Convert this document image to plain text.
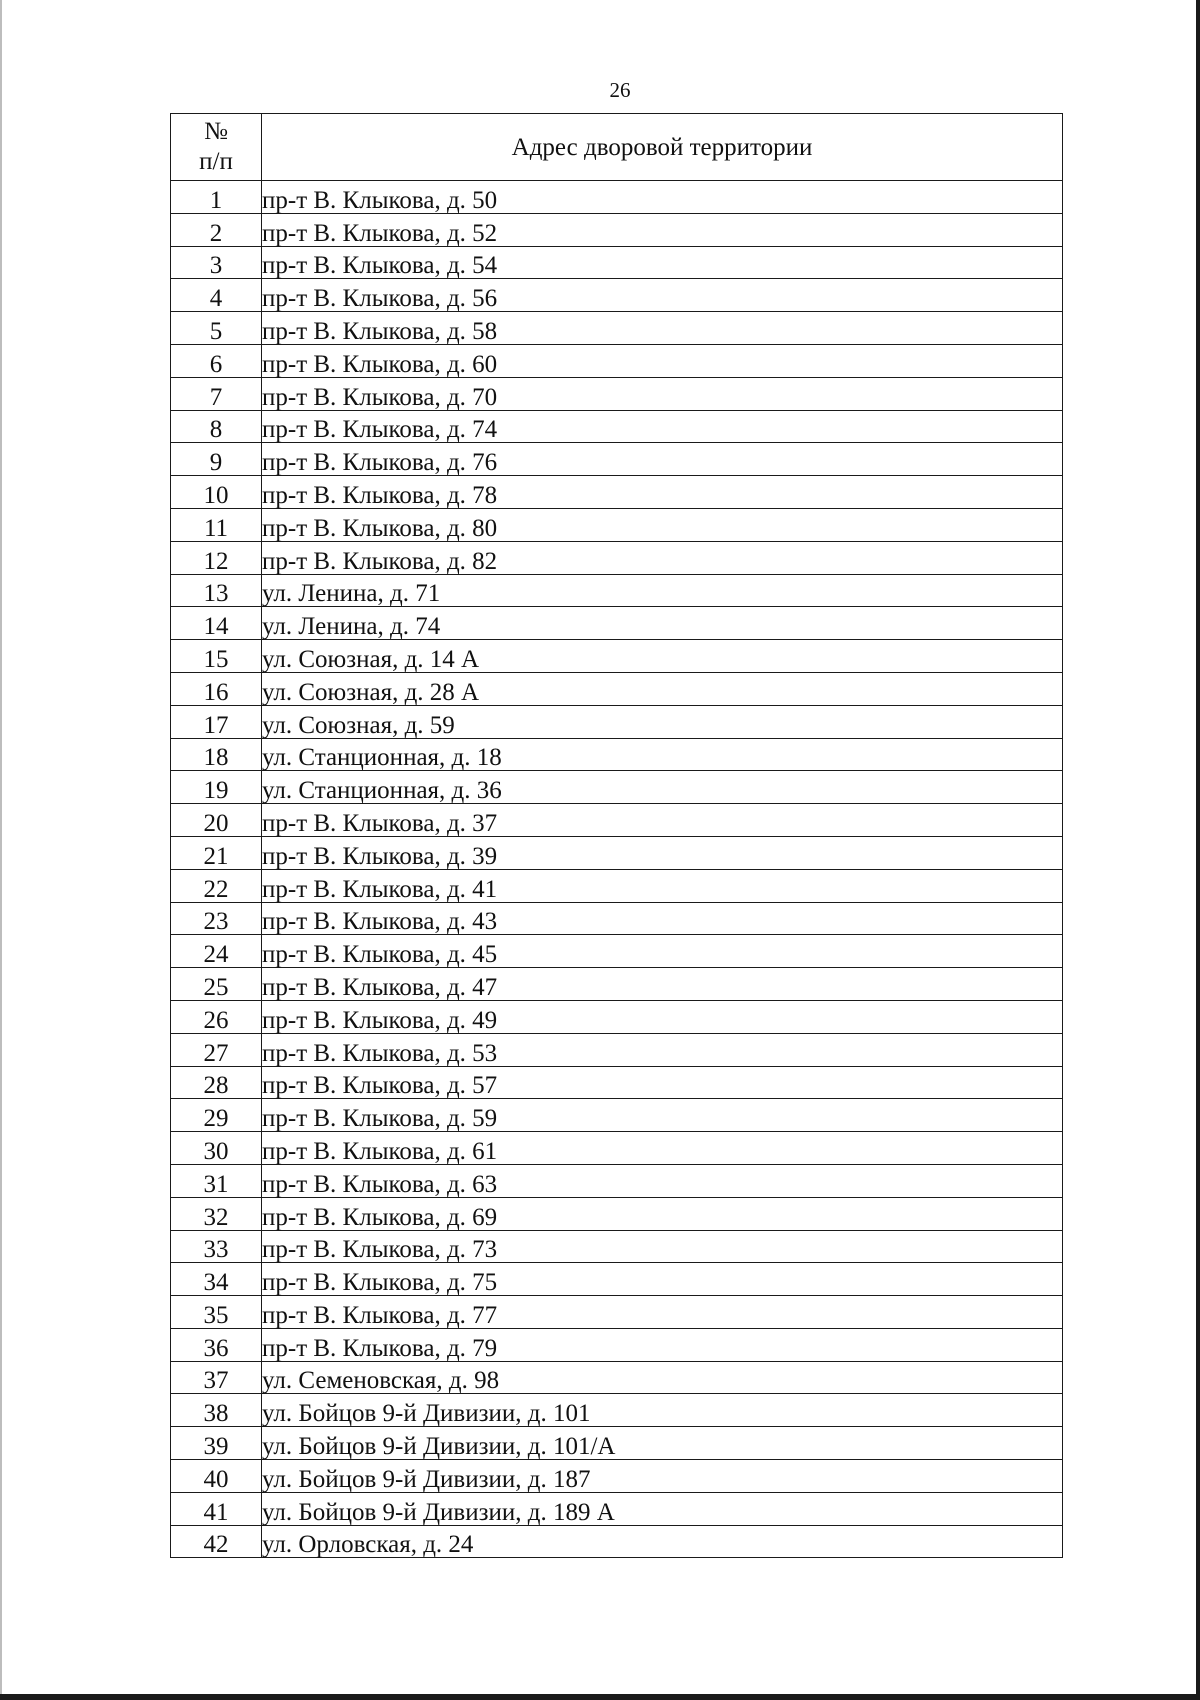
26
№
п/п	Адрес дворовой территории
1	пр-т В. Клыкова, д. 50
2	пр-т В. Клыкова, д. 52
3	пр-т В. Клыкова, д. 54
4	пр-т В. Клыкова, д. 56
5	пр-т В. Клыкова, д. 58
6	пр-т В. Клыкова, д. 60
7	пр-т В. Клыкова, д. 70
8	пр-т В. Клыкова, д. 74
9	пр-т В. Клыкова, д. 76
10	пр-т В. Клыкова, д. 78
11	пр-т В. Клыкова, д. 80
12	пр-т В. Клыкова, д. 82
13	ул. Ленина, д. 71
14	ул. Ленина, д. 74
15	ул. Союзная, д. 14 А
16	ул. Союзная, д. 28 А
17	ул. Союзная, д. 59
18	ул. Станционная, д. 18
19	ул. Станционная, д. 36
20	пр-т В. Клыкова, д. 37
21	пр-т В. Клыкова, д. 39
22	пр-т В. Клыкова, д. 41
23	пр-т В. Клыкова, д. 43
24	пр-т В. Клыкова, д. 45
25	пр-т В. Клыкова, д. 47
26	пр-т В. Клыкова, д. 49
27	пр-т В. Клыкова, д. 53
28	пр-т В. Клыкова, д. 57
29	пр-т В. Клыкова, д. 59
30	пр-т В. Клыкова, д. 61
31	пр-т В. Клыкова, д. 63
32	пр-т В. Клыкова, д. 69
33	пр-т В. Клыкова, д. 73
34	пр-т В. Клыкова, д. 75
35	пр-т В. Клыкова, д. 77
36	пр-т В. Клыкова, д. 79
37	ул. Семеновская, д. 98
38	ул. Бойцов 9-й Дивизии, д. 101
39	ул. Бойцов 9-й Дивизии, д. 101/А
40	ул. Бойцов 9-й Дивизии, д. 187
41	ул. Бойцов 9-й Дивизии, д. 189 А
42	ул. Орловская, д. 24
